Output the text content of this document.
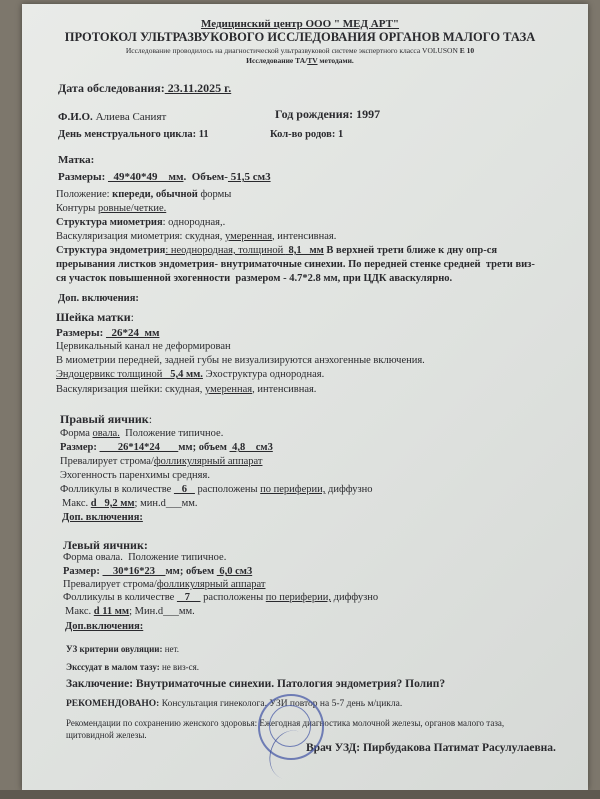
Медицинский центр ООО " МЕД АРТ"
ПРОТОКОЛ УЛЬТРАЗВУКОВОГО ИССЛЕДОВАНИЯ ОРГАНОВ МАЛОГО ТАЗА
Исследование проводилось на диагностической ультразвуковой системе экспертного класса VOLUSON E 10
Исследование ТА/TV методами.
Дата обследования: 23.11.2025 г.
Ф.И.О. Алиева Саният	Год рождения: 1997
День менструального цикла: 11	Кол-во родов: 1
Матка:
Размеры:   49*40*49    мм.  Объем- 51,5 см3
Положение: кпереди, обычной формы
Контуры ровные/четкие.
Структура миометрия: однородная,.
Васкуляризация миометрия: скудная, умеренная, интенсивная.
Структура эндометрия: неоднородная, толщиной  8,1   мм В верхней трети ближе к дну опр-ся
прерывания листков эндометрия- внутриматочные синехии. По передней стенке средней  трети виз-
ся участок повышенной эхогенности  размером - 4.7*2.8 мм, при ЦДК аваскулярно.
Доп. включения:
Шейка матки:
Размеры:   26*24  мм
Цервикальный канал не деформирован
В миометрии передней, задней губы не визуализируются анэхогенные включения.
Эндоцервикс толщиной   5,4 мм. Эхоструктура однородная.
Васкуляризация шейки: скудная, умеренная, интенсивная.
Правый яичник:
Форма овала.  Положение типичное.
Размер:        26*14*24       мм; объем  4,8    см3
Превалирует строма/фолликулярный аппарат
Эхогенность паренхимы средняя.
Фолликулы в количестве    6    расположены по периферии, диффузно
Макс. d   9,2 мм; мин.d___мм.
Доп. включения:
Левый яичник:
Форма овала.  Положение типичное.
Размер:     30*16*23    мм; объем  6,0 см3
Превалирует строма/фолликулярный аппарат
Фолликулы в количестве    7     расположены по периферии, диффузно
Макс. d 11 мм; Мин.d___мм.
Доп.включения:
УЗ критерии овуляции: нет.
Экссудат в малом тазу: не виз-ся.
Заключение: Внутриматочные синехии. Патология эндометрия? Полип?
РЕКОМЕНДОВАНО: Консультация гинеколога. УЗИ повтор на 5-7 день м/цикла.
Рекомендации по сохранению женского здоровья: Ежегодная диагностика молочной железы, органов малого таза,
щитовидной железы.
Врач УЗД: Пирбудакова Патимат Расулулаевна.
